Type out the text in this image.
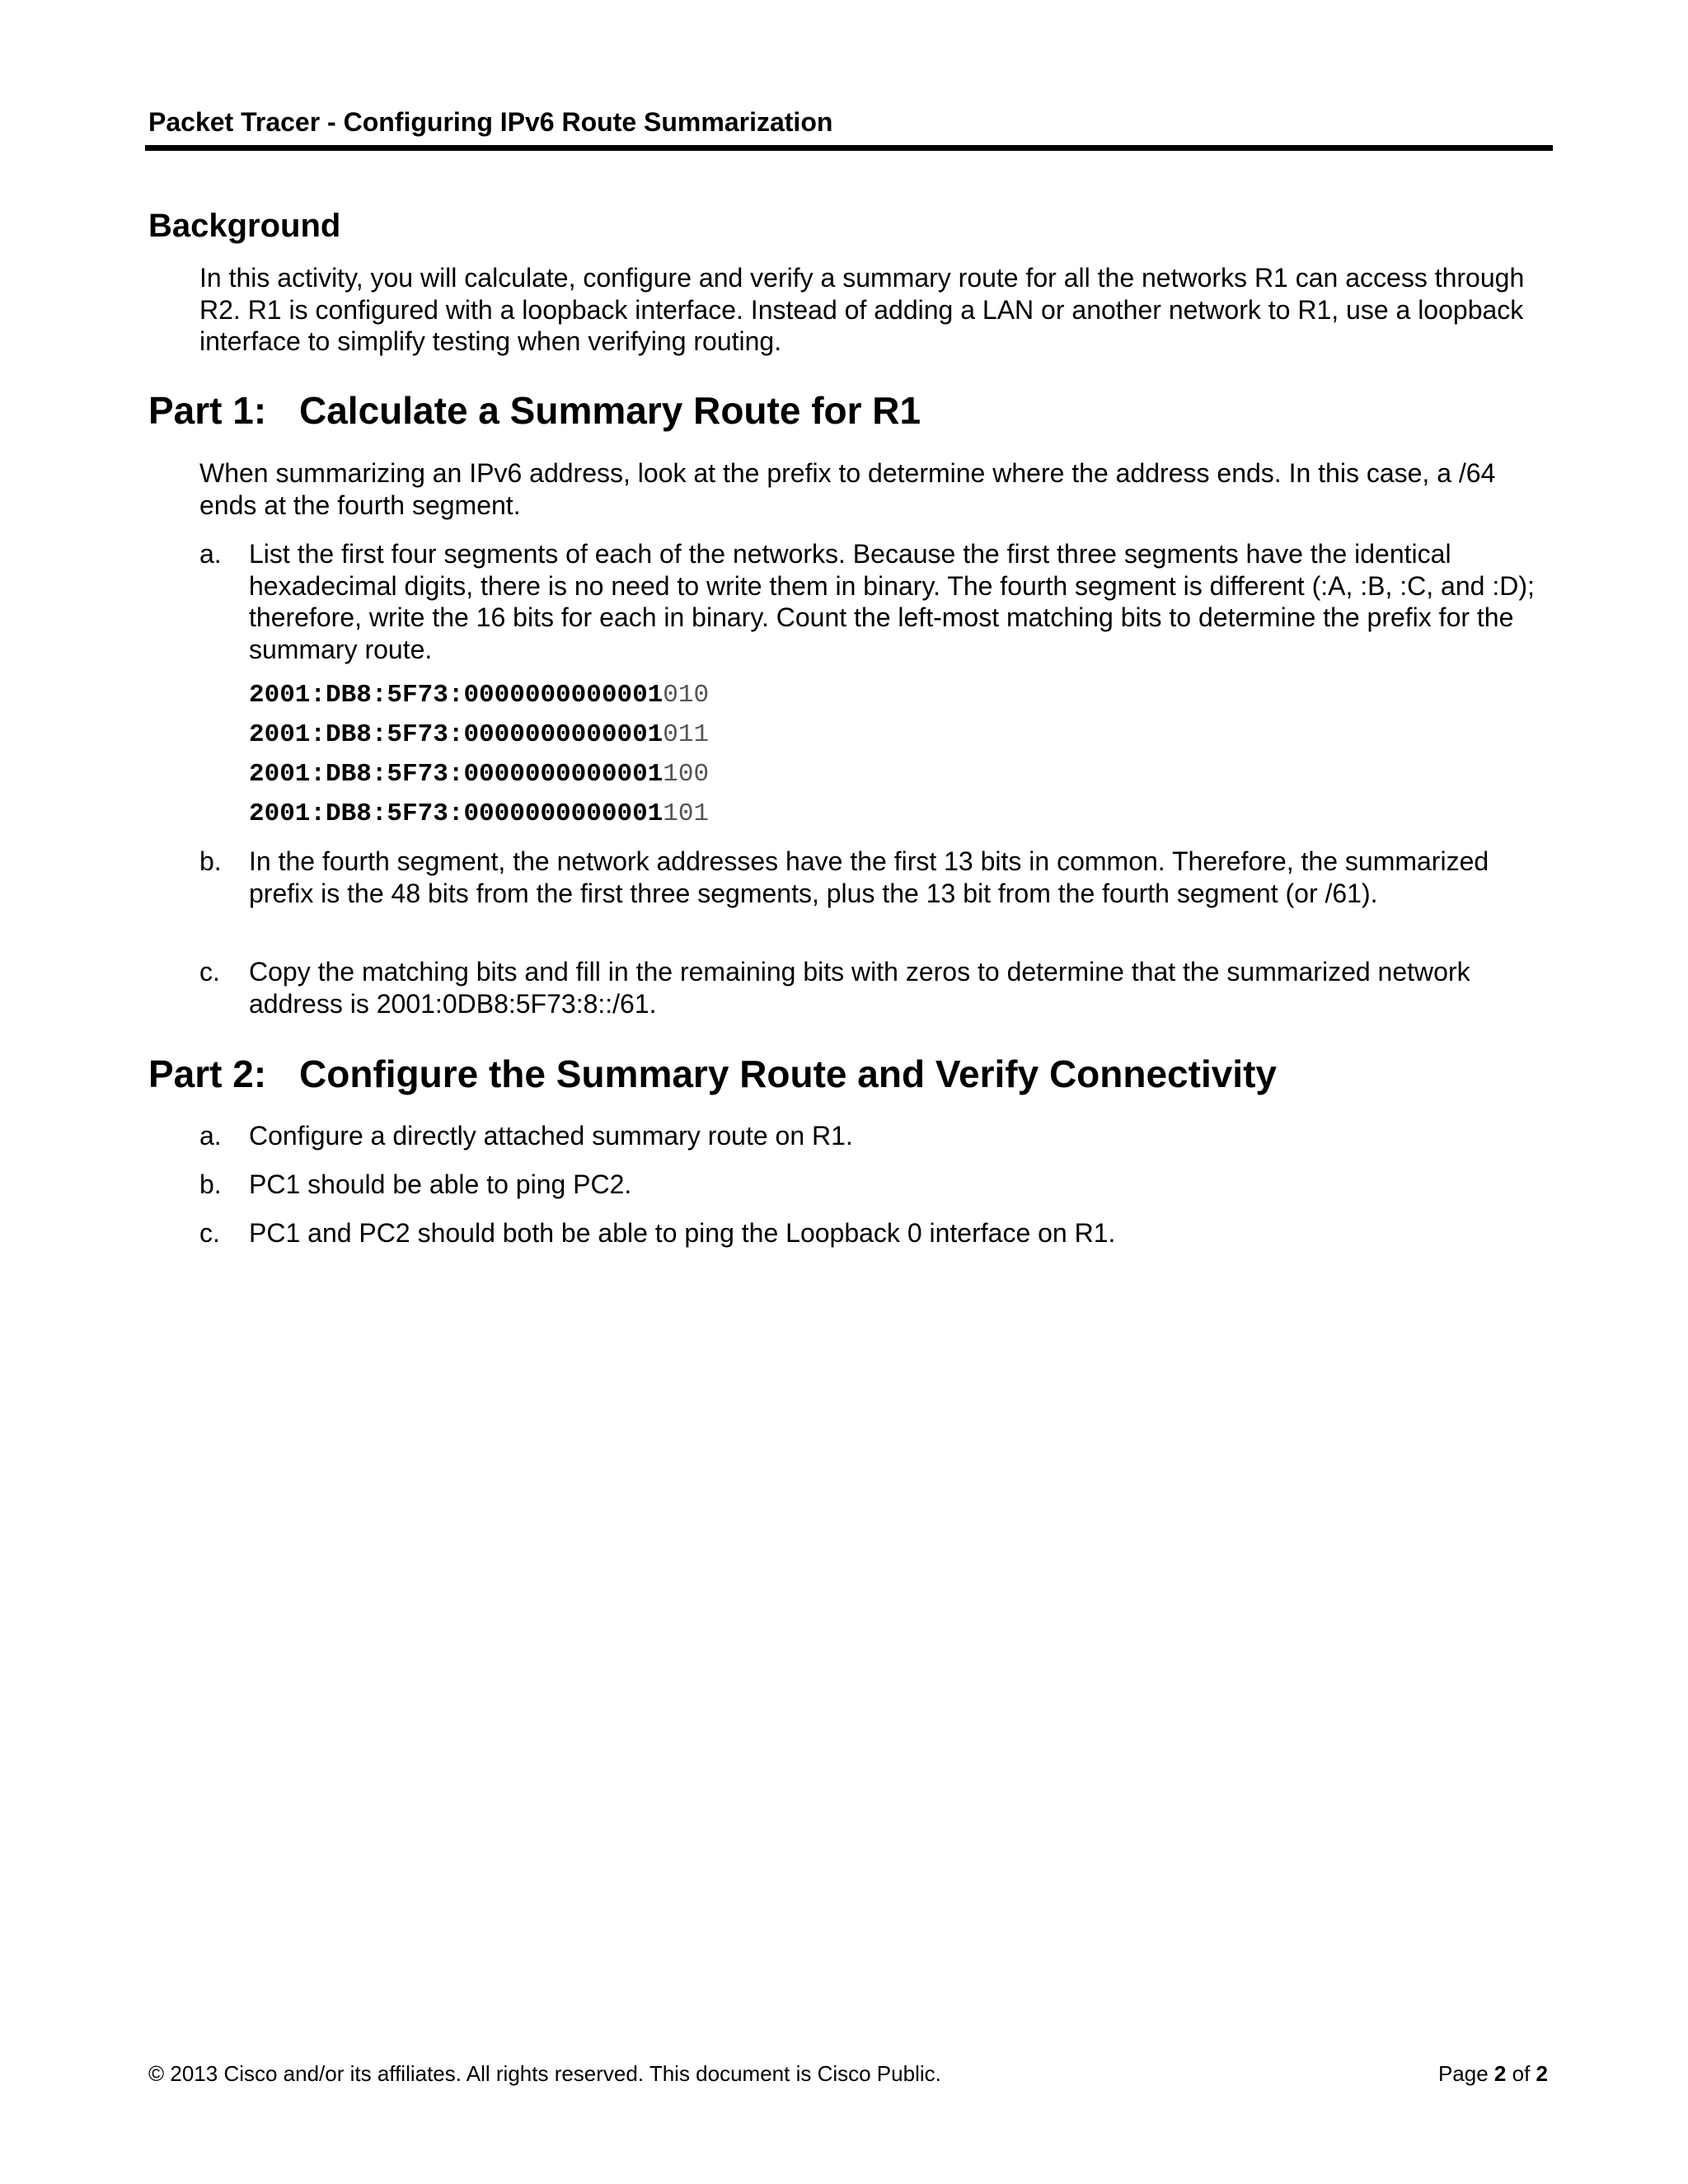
Packet Tracer - Configuring IPv6 Route Summarization
Background

In this activity, you will calculate, configure and verify a summary route for all the networks R1 can access through R2. R1 is configured with a loopback interface. Instead of adding a LAN or another network to R1, use a loopback interface to simplify testing when verifying routing.

Part 1: Calculate a Summary Route for R1

When summarizing an IPv6 address, look at the prefix to determine where the address ends. In this case, a /64 ends at the fourth segment.

a.	List the first four segments of each of the networks. Because the first three segments have the identical hexadecimal digits, there is no need to write them in binary. The fourth segment is different (:A, :B, :C, and :D); therefore, write the 16 bits for each in binary. Count the left-most matching bits to determine the prefix for the summary route.
2001:DB8:5F73:0000000000001010
2001:DB8:5F73:0000000000001011
2001:DB8:5F73:0000000000001100
2001:DB8:5F73:0000000000001101
b.	In the fourth segment, the network addresses have the first 13 bits in common. Therefore, the summarized prefix is the 48 bits from the first three segments, plus the 13 bit from the fourth segment (or /61).
c.	Copy the matching bits and fill in the remaining bits with zeros to determine that the summarized network address is 2001:0DB8:5F73:8::/61.
Part 2: Configure the Summary Route and Verify Connectivity
a.	Configure a directly attached summary route on R1.
b.	PC1 should be able to ping PC2.
c.	PC1 and PC2 should both be able to ping the Loopback 0 interface on R1.
© 2013 Cisco and/or its affiliates. All rights reserved. This document is Cisco Public.	Page 2 of 2
